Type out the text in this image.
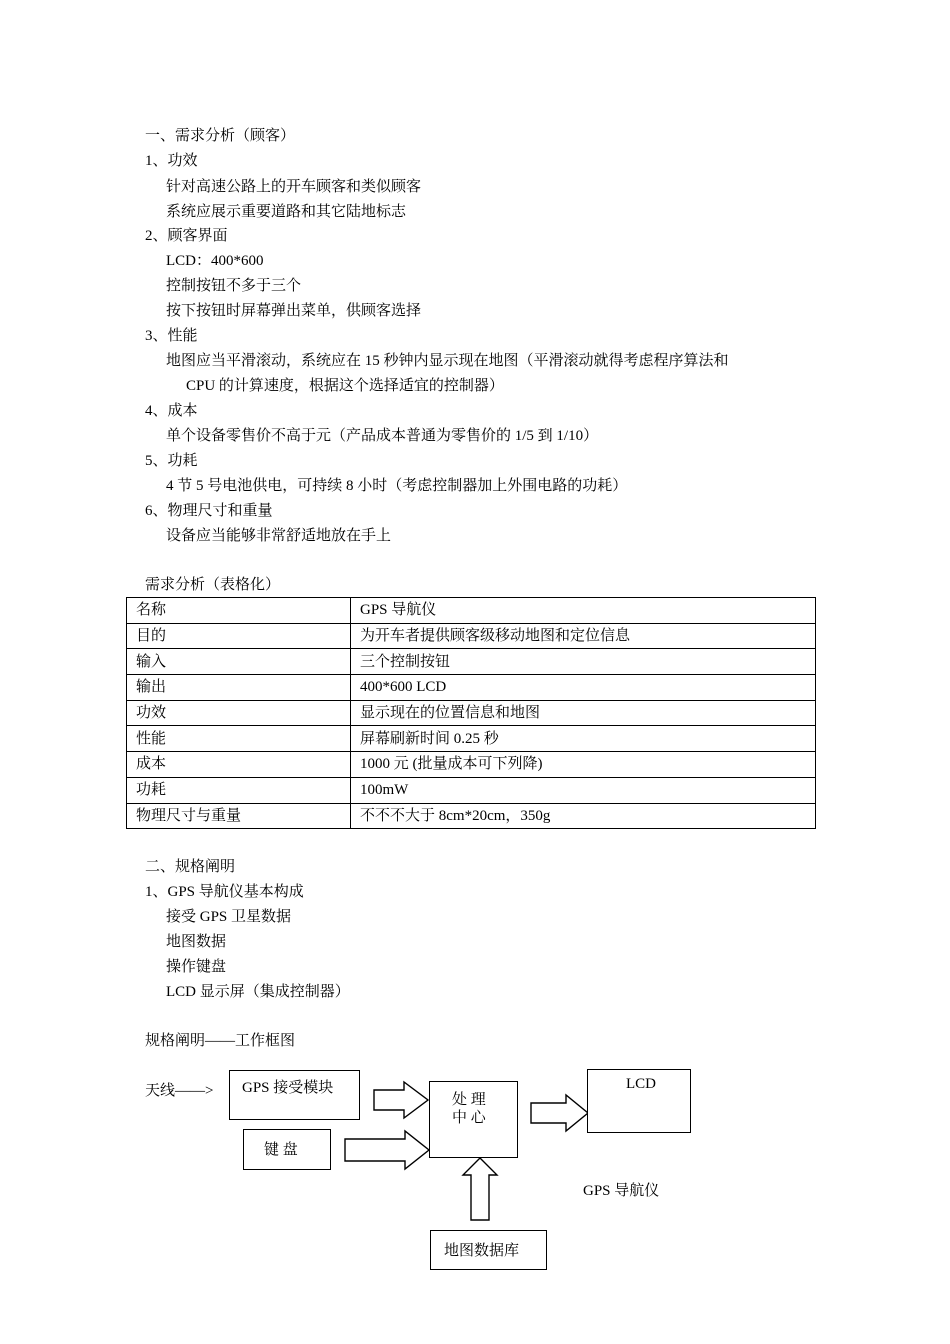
一、需求分析（顾客）
1、功效
针对高速公路上的开车顾客和类似顾客
系统应展示重要道路和其它陆地标志
2、顾客界面
LCD：400*600
控制按钮不多于三个
按下按钮时屏幕弹出菜单，供顾客选择
3、性能
地图应当平滑滚动，系统应在 15 秒钟内显示现在地图（平滑滚动就得考虑程序算法和
CPU 的计算速度，根据这个选择适宜的控制器）
4、成本
单个设备零售价不高于元（产品成本普通为零售价的 1/5 到 1/10）
5、功耗
4 节 5 号电池供电，可持续 8 小时（考虑控制器加上外围电路的功耗）
6、物理尺寸和重量
设备应当能够非常舒适地放在手上
需求分析（表格化）
名称	GPS 导航仪
目的	为开车者提供顾客级移动地图和定位信息
输入	三个控制按钮
输出	400*600 LCD
功效	显示现在的位置信息和地图
性能	屏幕刷新时间 0.25 秒
成本	1000 元 (批量成本可下列降)
功耗	100mW
物理尺寸与重量	不不不大于 8cm*20cm，350g
二、规格阐明
1、GPS 导航仪基本构成
接受 GPS 卫星数据
地图数据
操作键盘
LCD 显示屏（集成控制器）
规格阐明——工作框图
天线——> GPS 接受模块
键 盘
处 理
中 心
LCD
GPS 导航仪
地图数据库
